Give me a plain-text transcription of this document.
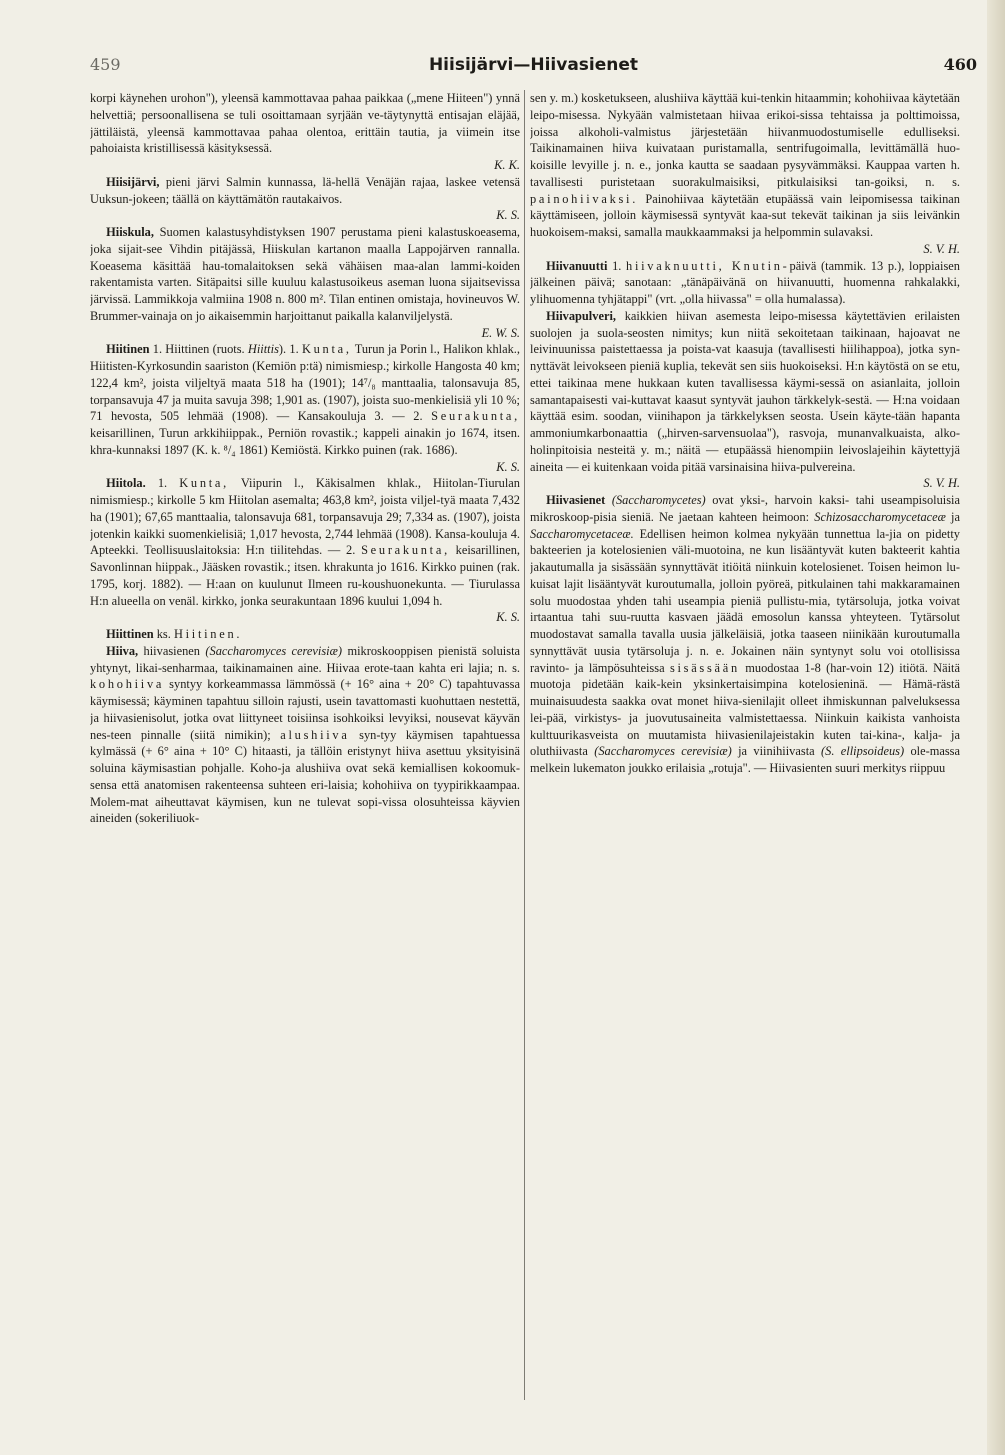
459	Hiisijärvi—Hiivasienet	460

korpi käynehen urohon"), yleensä kammottavaa pahaa paikkaa („mene Hiiteen") ynnä helvettiä; persoonallisena se tuli osoittamaan syrjään ve-täytynyttä entisajan eläjää, jättiläistä, yleensä kammottavaa pahaa olentoa, erittäin tautia, ja viimein itse pahoiaista kristillisessä käsityksessä.

K. K.

Hiisijärvi, pieni järvi Salmin kunnassa, lä-hellä Venäjän rajaa, laskee vetensä Uuksun-jokeen; täällä on käyttämätön rautakaivos.

K. S.

Hiiskula, Suomen kalastusyhdistyksen 1907 perustama pieni kalastuskoeasema, joka sijait-see Vihdin pitäjässä, Hiiskulan kartanon maalla Lappojärven rannalla. Koeasema käsittää hau-tomalaitoksen sekä vähäisen maa-alan lammi-koiden rakentamista varten. Sitäpaitsi sille kuuluu kalastusoikeus aseman luona sijaitsevissa järvissä. Lammikkoja valmiina 1908 n. 800 m². Tilan entinen omistaja, hovineuvos W. Brummer-vainaja on jo aikaisemmin harjoittanut paikalla kalanviljelystä.

E. W. S.

Hiitinen 1. Hiittinen (ruots. Hiittis). 1. Kunta, Turun ja Porin l., Halikon khlak., Hiitisten-Kyrkosundin saariston (Kemiön p:tä) nimismiesp.; kirkolle Hangosta 40 km; 122,4 km², joista viljeltyä maata 518 ha (1901); 14⁷/₈ manttaalia, talonsavuja 85, torpansavuja 47 ja muita savuja 398; 1,901 as. (1907), joista suo-menkielisiä yli 10 %; 71 hevosta, 505 lehmää (1908). — Kansakouluja 3. — 2. Seurakunta, keisarillinen, Turun arkkihiippak., Perniön rovastik.; kappeli ainakin jo 1674, itsen. khra-kunnaksi 1897 (K. k. ⁸/₄ 1861) Kemiöstä. Kirkko puinen (rak. 1686).

K. S.

Hiitola. 1. Kunta, Viipurin l., Käkisalmen khlak., Hiitolan-Tiurulan nimismiesp.; kirkolle 5 km Hiitolan asemalta; 463,8 km², joista viljel-tyä maata 7,432 ha (1901); 67,65 manttaalia, talonsavuja 681, torpansavuja 29; 7,334 as. (1907), joista jotenkin kaikki suomenkielisiä; 1,017 hevosta, 2,744 lehmää (1908). Kansa-kouluja 4. Apteekki. Teollisuuslaitoksia: H:n tiilitehdas. — 2. Seurakunta, keisarillinen, Savonlinnan hiippak., Jääsken rovastik.; itsen. khrakunta jo 1616. Kirkko puinen (rak. 1795, korj. 1882). — H:aan on kuulunut Ilmeen ru-koushuonekunta. — Tiurulassa H:n alueella on venäl. kirkko, jonka seurakuntaan 1896 kuului 1,094 h.

K. S.

Hiittinen ks. Hiitinen.

Hiiva, hiivasienen (Saccharomyces cerevisiæ) mikroskooppisen pienistä soluista yhtynyt, likai-senharmaa, taikinamainen aine. Hiivaa erote-taan kahta eri lajia; n. s. kohohiiva syntyy korkeammassa lämmössä (+ 16° aina + 20° C) tapahtuvassa käymisessä; käyminen tapahtuu silloin rajusti, usein tavattomasti kuohuttaen nestettä, ja hiivasienisolut, jotka ovat liittyneet toisiinsa isohkoiksi levyiksi, nousevat käyvän nes-teen pinnalle (siitä nimikin); alushiiva syn-tyy käymisen tapahtuessa kylmässä (+ 6° aina + 10° C) hitaasti, ja tällöin eristynyt hiiva asettuu yksityisinä soluina käymisastian pohjalle. Koho-ja alushiiva ovat sekä kemiallisen kokoomuk-sensa että anatomisen rakenteensa suhteen eri-laisia; kohohiiva on tyypirikkaampaa. Molem-mat aiheuttavat käymisen, kun ne tulevat sopi-vissa olosuhteissa käyvien aineiden (sokeriliuok-

sen y. m.) kosketukseen, alushiiva käyttää kui-tenkin hitaammin; kohohiivaa käytetään leipo-misessa. Nykyään valmistetaan hiivaa erikoi-sissa tehtaissa ja polttimoissa, joissa alkoholi-valmistus järjestetään hiivanmuodostumiselle edulliseksi. Taikinamainen hiiva kuivataan puristamalla, sentrifugoimalla, levittämällä huo-koisille levyille j. n. e., jonka kautta se saadaan pysyvämmäksi. Kauppaa varten h. tavallisesti puristetaan suorakulmaisiksi, pitkulaisiksi tan-goiksi, n. s. painohiivaksi. Painohiivaa käytetään etupäässä vain leipomisessa taikinan käyttämiseen, jolloin käymisessä syntyvät kaa-sut tekevät taikinan ja siis leivänkin huokoisem-maksi, samalla maukkaammaksi ja helpommin sulavaksi.

S. V. H.

Hiivanuutti 1. hiivaknuutti, Knutin-päivä (tammik. 13 p.), loppiaisen jälkeinen päivä; sanotaan: „tänäpäivänä on hiivanuutti, huomenna rahkalakki, ylihuomenna tyhjätappi" (vrt. „olla hiivassa" = olla humalassa).

Hiivapulveri, kaikkien hiivan asemesta leipo-misessa käytettävien erilaisten suolojen ja suola-seosten nimitys; kun niitä sekoitetaan taikinaan, hajoavat ne leivinuunissa paistettaessa ja poista-vat kaasuja (tavallisesti hiilihappoa), jotka syn-nyttävät leivokseen pieniä kuplia, tekevät sen siis huokoiseksi. H:n käytöstä on se etu, ettei taikinaa mene hukkaan kuten tavallisessa käymi-sessä on asianlaita, jolloin samantapaisesti vai-kuttavat kaasut syntyvät jauhon tärkkelyk-sestä. — H:na voidaan käyttää esim. soodan, viinihapon ja tärkkelyksen seosta. Usein käyte-tään hapanta ammoniumkarbonaattia („hirven-sarvensuolaa"), rasvoja, munanvalkuaista, alko-holinpitoisia nesteitä y. m.; näitä — etupäässä hienompiin leivoslajeihin käytettyjä aineita — ei kuitenkaan voida pitää varsinaisina hiiva-pulvereina.

S. V. H.

Hiivasienet (Saccharomycetes) ovat yksi-, harvoin kaksi- tahi useampisoluisia mikroskoop-pisia sieniä. Ne jaetaan kahteen heimoon: Schizosaccharomycetaceæ ja Saccharomycetaceæ. Edellisen heimon kolmea nykyään tunnettua la-jia on pidetty bakteerien ja kotelosienien väli-muotoina, ne kun lisääntyvät kuten bakteerit kahtia jakautumalla ja sisässään synnyttävät itiöitä niinkuin kotelosienet. Toisen heimon lu-kuisat lajit lisääntyvät kuroutumalla, jolloin pyöreä, pitkulainen tahi makkaramainen solu muodostaa yhden tahi useampia pieniä pullistu-mia, tytärsoluja, jotka voivat irtaantua tahi suu-ruutta kasvaen jäädä emosolun kanssa yhteyteen. Tytärsolut muodostavat samalla tavalla uusia jälkeläisiä, jotka taaseen niinikään kuroutumalla synnyttävät uusia tytärsoluja j. n. e. Jokainen näin syntynyt solu voi otollisissa ravinto- ja lämpösuhteissa sisässään muodostaa 1-8 (har-voin 12) itiötä. Näitä muotoja pidetään kaik-kein yksinkertaisimpina kotelosieninä. — Hämä-rästä muinaisuudesta saakka ovat monet hiiva-sienilajit olleet ihmiskunnan palveluksessa lei-pää, virkistys- ja juovutusaineita valmistettaessa. Niinkuin kaikista vanhoista kulttuurikasveista on muutamista hiivasienilajeistakin kuten tai-kina-, kalja- ja oluthiivasta (Saccharomyces cerevisiæ) ja viinihiivasta (S. ellipsoideus) ole-massa melkein lukematon joukko erilaisia „rotuja". — Hiivasienten suuri merkitys riippuu
